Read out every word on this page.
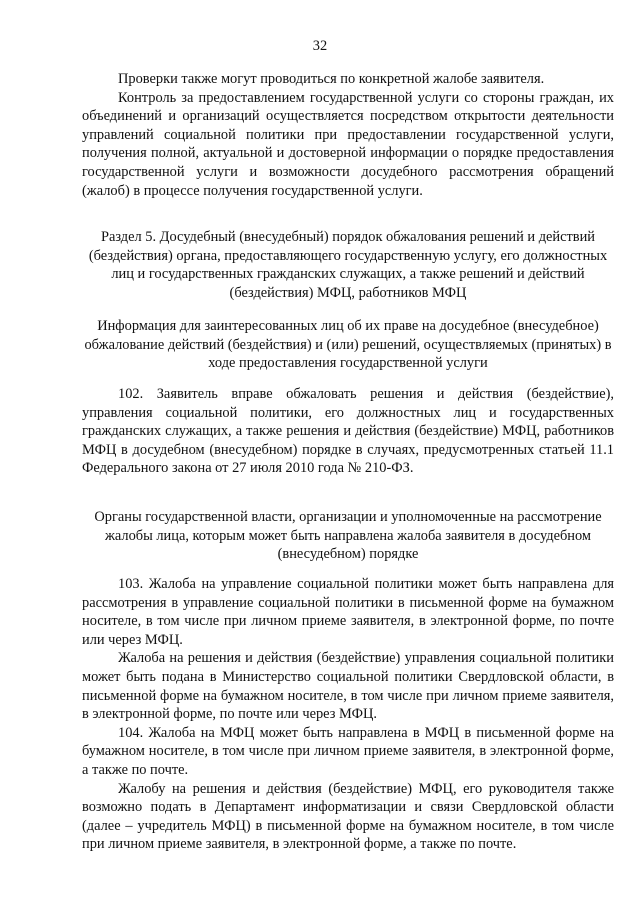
32

Проверки также могут проводиться по конкретной жалобе заявителя.

Контроль за предоставлением государственной услуги со стороны граждан, их объединений и организаций осуществляется посредством открытости деятельности управлений социальной политики при предоставлении государственной услуги, получения полной, актуальной и достоверной информации о порядке предоставления государственной услуги и возможности досудебного рассмотрения обращений (жалоб) в процессе получения государственной услуги.

Раздел 5. Досудебный (внесудебный) порядок обжалования решений и действий (бездействия) органа, предоставляющего государственную услугу, его должностных лиц и государственных гражданских служащих, а также решений и действий (бездействия) МФЦ, работников МФЦ

Информация для заинтересованных лиц об их праве на досудебное (внесудебное) обжалование действий (бездействия) и (или) решений, осуществляемых (принятых) в ходе предоставления государственной услуги

102. Заявитель вправе обжаловать решения и действия (бездействие), управления социальной политики, его должностных лиц и государственных гражданских служащих, а также решения и действия (бездействие) МФЦ, работников МФЦ в досудебном (внесудебном) порядке в случаях, предусмотренных статьей 11.1 Федерального закона от 27 июля 2010 года № 210-ФЗ.

Органы государственной власти, организации и уполномоченные на рассмотрение жалобы лица, которым может быть направлена жалоба заявителя в досудебном (внесудебном) порядке

103. Жалоба на управление социальной политики может быть направлена для рассмотрения в управление социальной политики в письменной форме на бумажном носителе, в том числе при личном приеме заявителя, в электронной форме, по почте или через МФЦ.

Жалоба на решения и действия (бездействие) управления социальной политики может быть подана в Министерство социальной политики Свердловской области, в письменной форме на бумажном носителе, в том числе при личном приеме заявителя, в электронной форме, по почте или через МФЦ.

104. Жалоба на МФЦ может быть направлена в МФЦ в письменной форме на бумажном носителе, в том числе при личном приеме заявителя, в электронной форме, а также по почте.

Жалобу на решения и действия (бездействие) МФЦ, его руководителя также возможно подать в Департамент информатизации и связи Свердловской области (далее – учредитель МФЦ) в письменной форме на бумажном носителе, в том числе при личном приеме заявителя, в электронной форме, а также по почте.
